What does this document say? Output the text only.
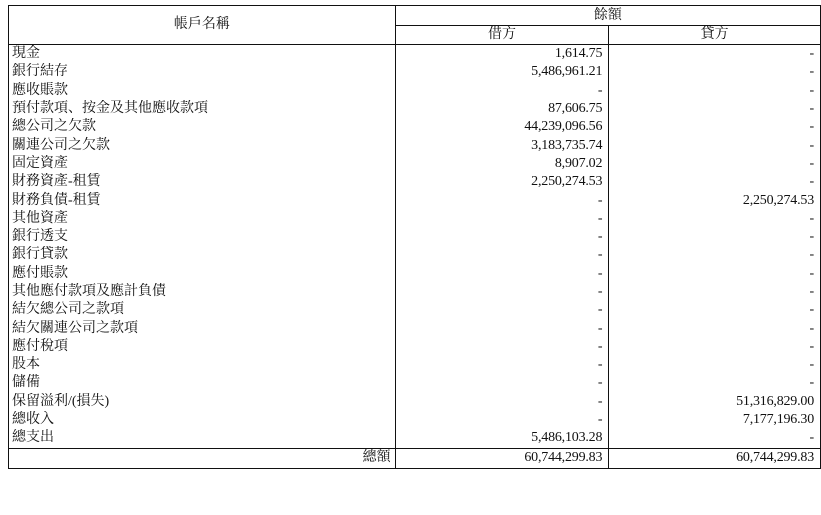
帳戶名稱	餘額	
	借方	貸方
現金	1,614.75	-
銀行結存	5,486,961.21	-
應收賬款	-	-
預付款項、按金及其他應收款項	87,606.75	-
總公司之欠款	44,239,096.56	-
關連公司之欠款	3,183,735.74	-
固定資產	8,907.02	-
財務資產-租賃	2,250,274.53	-
財務負債-租賃	-	2,250,274.53
其他資產	-	-
銀行透支	-	-
銀行貸款	-	-
應付賬款	-	-
其他應付款項及應計負債	-	-
結欠總公司之款項	-	-
結欠關連公司之款項	-	-
應付稅項	-	-
股本	-	-
儲備	-	-
保留溢利/(損失)	-	51,316,829.00
總收入	-	7,177,196.30
總支出	5,486,103.28	-
總額	60,744,299.83	60,744,299.83
